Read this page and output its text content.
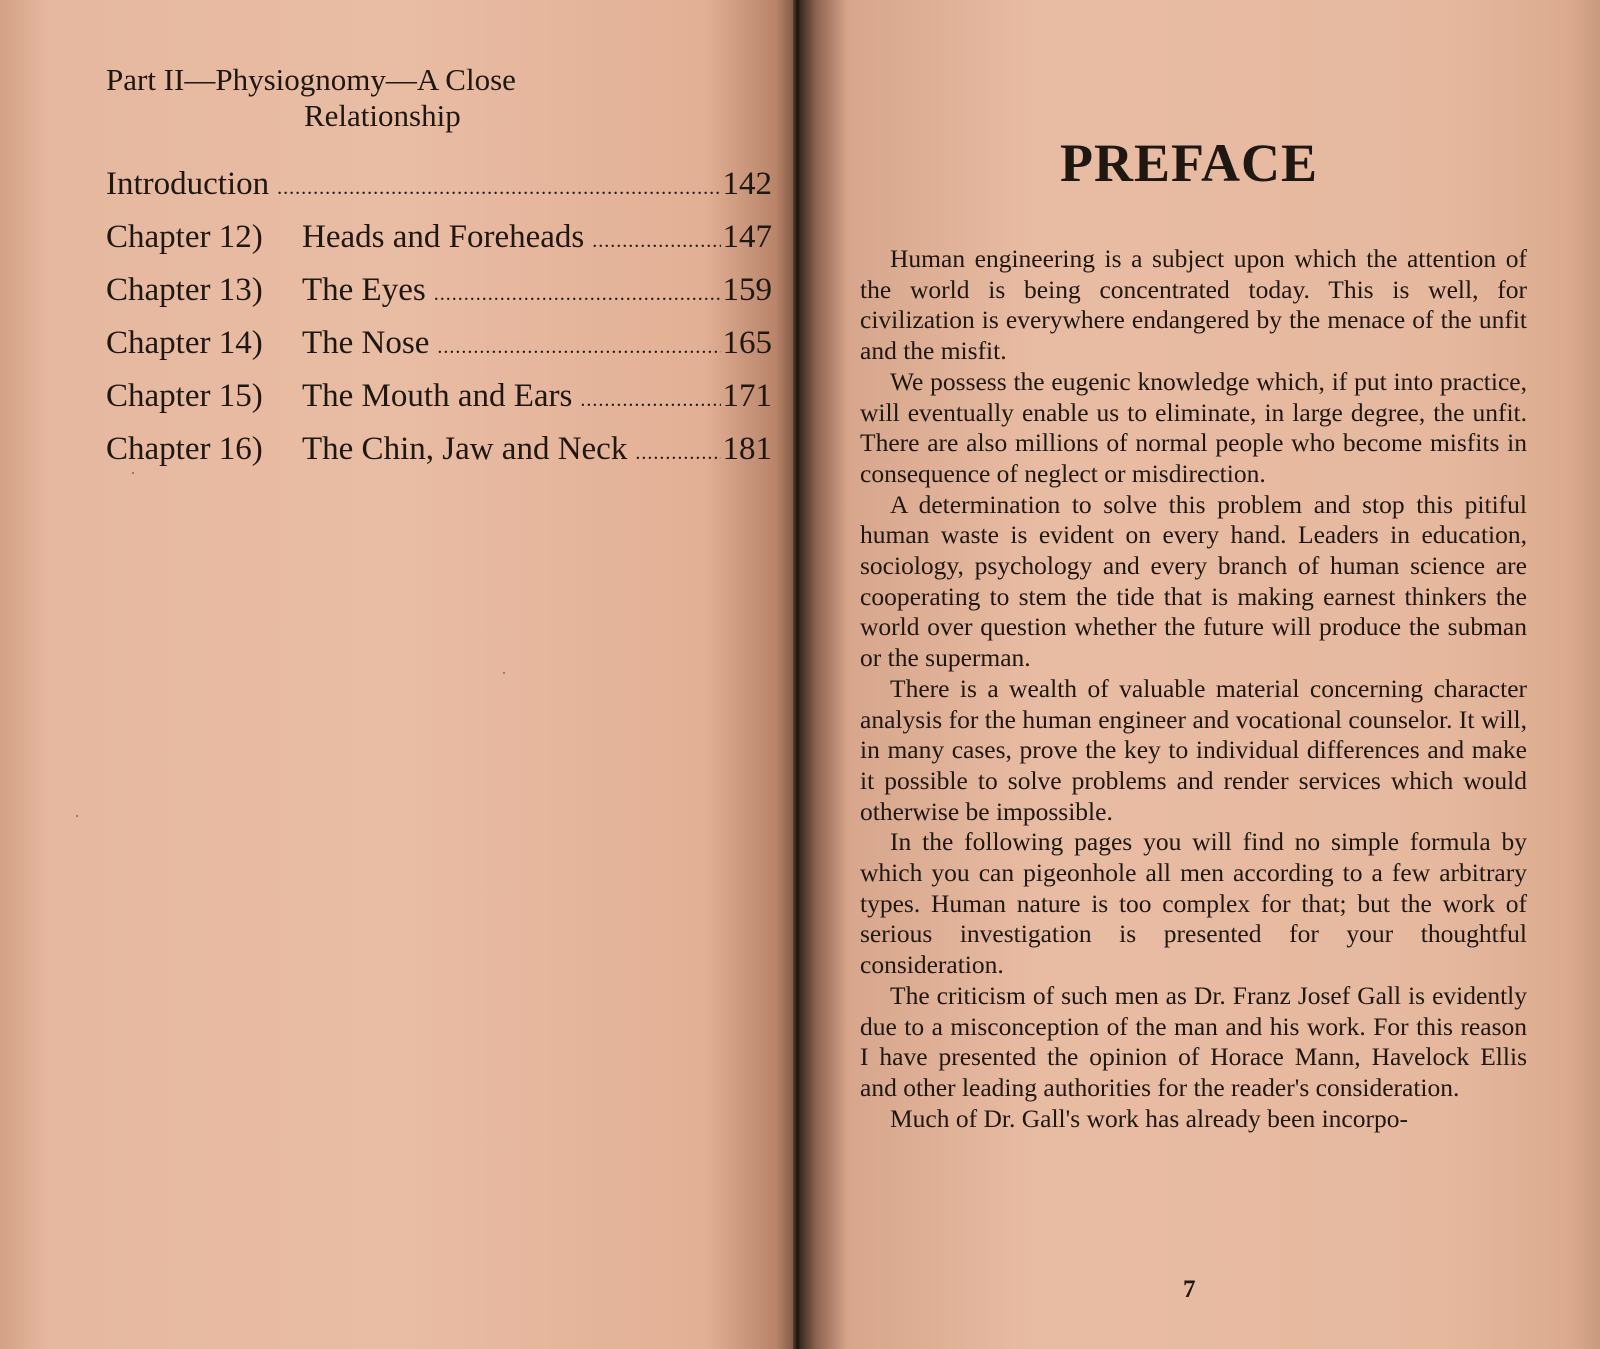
Part II—Physiognomy—A Close
Relationship
Introduction .....	142
Chapter 12)	Heads and Foreheads .....	147
Chapter 13)	The Eyes .....	159
Chapter 14)	The Nose .....	165
Chapter 15)	The Mouth and Ears .....	171
Chapter 16)	The Chin, Jaw and Neck .....	181
PREFACE

Human engineering is a subject upon which the attention of the world is being concentrated today. This is well, for civilization is everywhere endangered by the menace of the unfit and the misfit.

We possess the eugenic knowledge which, if put into practice, will eventually enable us to eliminate, in large degree, the unfit. There are also millions of normal people who become misfits in consequence of neglect or misdirection.

A determination to solve this problem and stop this pitiful human waste is evident on every hand. Leaders in education, sociology, psychology and every branch of human science are cooperating to stem the tide that is making earnest thinkers the world over question whether the future will produce the subman or the superman.

There is a wealth of valuable material concerning character analysis for the human engineer and vocational counselor. It will, in many cases, prove the key to individual differences and make it possible to solve problems and render services which would otherwise be impossible.

In the following pages you will find no simple formula by which you can pigeonhole all men according to a few arbitrary types. Human nature is too complex for that; but the work of serious investigation is presented for your thoughtful consideration.

The criticism of such men as Dr. Franz Josef Gall is evidently due to a misconception of the man and his work. For this reason I have presented the opinion of Horace Mann, Havelock Ellis and other leading authorities for the reader's consideration.

Much of Dr. Gall's work has already been incorpo-

7
